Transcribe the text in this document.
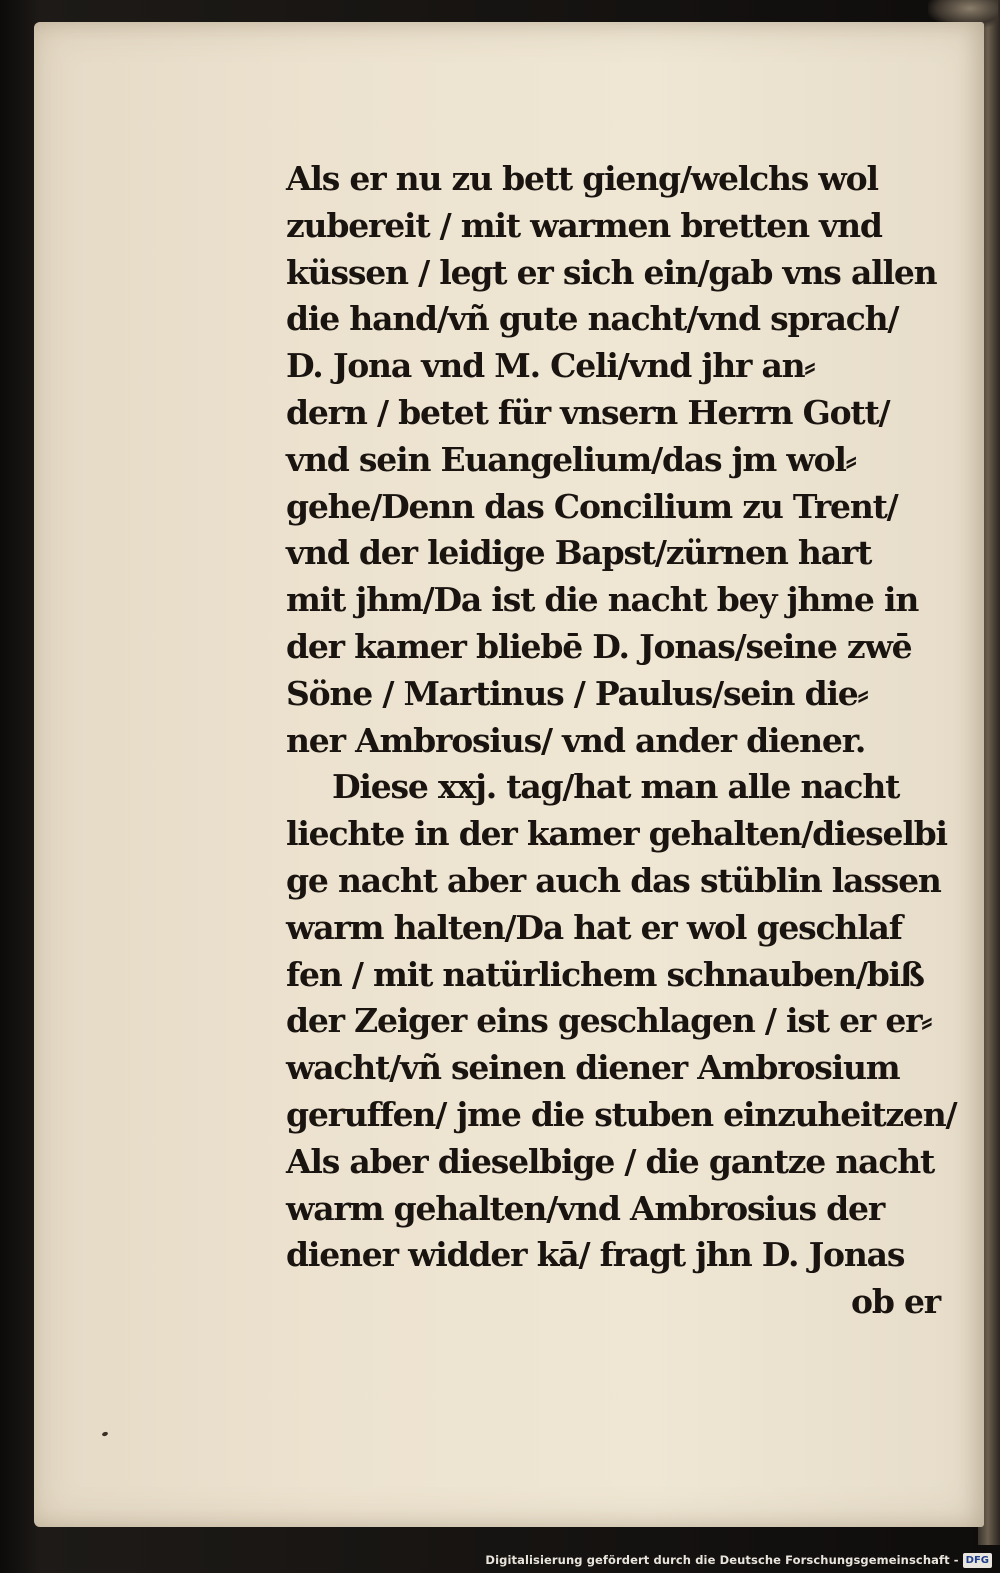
Als er nu zu bett gieng/welchs wol
zubereit / mit warmen bretten vnd
küssen / legt er sich ein/gab vns allen
die hand/vñ gute nacht/vnd sprach/
D. Jona vnd M. Celi/vnd jhr an⸗
dern / betet für vnsern Herrn Gott/
vnd sein Euangelium/das jm wol⸗
gehe/Denn das Concilium zu Trent/
vnd der leidige Bapst/zürnen hart
mit jhm/Da ist die nacht bey jhme in
der kamer bliebē D. Jonas/seine zwē
Söne / Martinus / Paulus/sein die⸗
ner Ambrosius/ vnd ander diener.
Diese xxj. tag/hat man alle nacht
liechte in der kamer gehalten/dieselbi
ge nacht aber auch das stüblin lassen
warm halten/Da hat er wol geschlaf
fen / mit natürlichem schnauben/biß
der Zeiger eins geschlagen / ist er er⸗
wacht/vñ seinen diener Ambrosium
geruffen/ jme die stuben einzuheitzen/
Als aber dieselbige / die gantze nacht
warm gehalten/vnd Ambrosius der
diener widder kā/ fragt jhn D. Jonas
ob er
Digitalisierung gefördert durch die Deutsche Forschungsgemeinschaft - DFG
